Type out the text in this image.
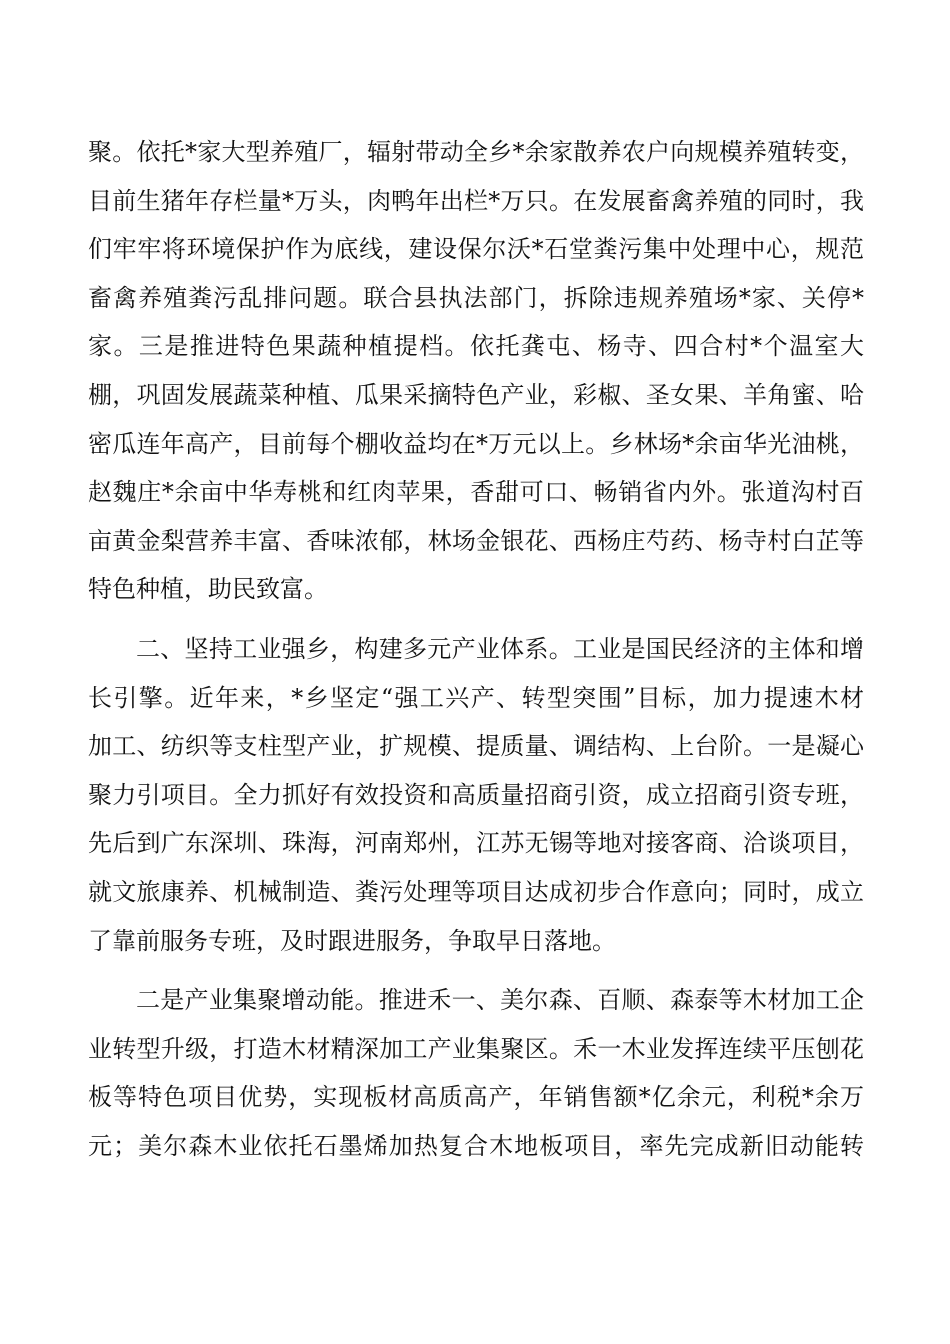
聚。依托*家大型养殖厂，辐射带动全乡*余家散养农户向规模养殖转变，
目前生猪年存栏量*万头，肉鸭年出栏*万只。在发展畜禽养殖的同时，我
们牢牢将环境保护作为底线，建设保尔沃*石堂粪污集中处理中心，规范
畜禽养殖粪污乱排问题。联合县执法部门，拆除违规养殖场*家、关停*
家。三是推进特色果蔬种植提档。依托龚屯、杨寺、四合村*个温室大
棚，巩固发展蔬菜种植、瓜果采摘特色产业，彩椒、圣女果、羊角蜜、哈
密瓜连年高产，目前每个棚收益均在*万元以上。乡林场*余亩华光油桃，
赵魏庄*余亩中华寿桃和红肉苹果，香甜可口、畅销省内外。张道沟村百
亩黄金梨营养丰富、香味浓郁，林场金银花、西杨庄芍药、杨寺村白芷等
特色种植，助民致富。
二、坚持工业强乡，构建多元产业体系。工业是国民经济的主体和增
长引擎。近年来，*乡坚定“强工兴产、转型突围”目标，加力提速木材
加工、纺织等支柱型产业，扩规模、提质量、调结构、上台阶。一是凝心
聚力引项目。全力抓好有效投资和高质量招商引资，成立招商引资专班，
先后到广东深圳、珠海，河南郑州，江苏无锡等地对接客商、洽谈项目，
就文旅康养、机械制造、粪污处理等项目达成初步合作意向；同时，成立
了靠前服务专班，及时跟进服务，争取早日落地。
二是产业集聚增动能。推进禾一、美尔森、百顺、森泰等木材加工企
业转型升级，打造木材精深加工产业集聚区。禾一木业发挥连续平压刨花
板等特色项目优势，实现板材高质高产，年销售额*亿余元，利税*余万
元；美尔森木业依托石墨烯加热复合木地板项目，率先完成新旧动能转
